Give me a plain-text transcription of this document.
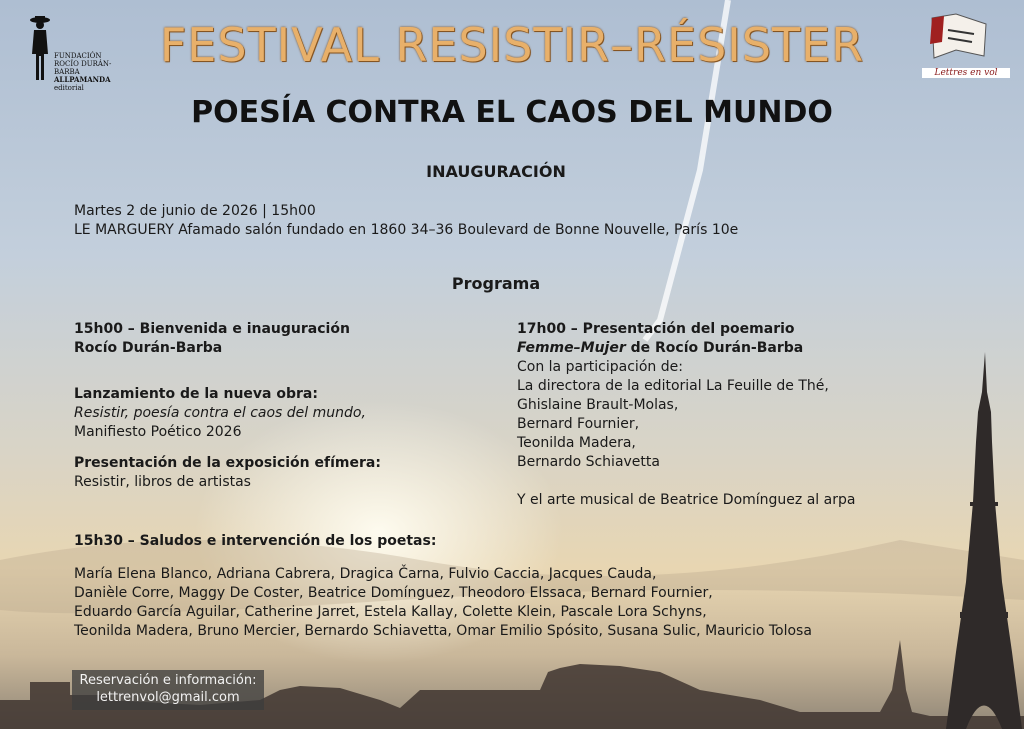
FUNDACIÓN
ROCÍO DURÁN-BARBA
ALLPAMANDA
editorial
Lettres en vol
FESTIVAL RESISTIR–RÉSISTER
POESÍA CONTRA EL CAOS DEL MUNDO
INAUGURACIÓN
Martes 2 de junio de 2026 | 15h00
LE MARGUERY Afamado salón fundado en 1860 34–36 Boulevard de Bonne Nouvelle, París 10e
Programa
15h00 – Bienvenida e inauguración
Rocío Durán-Barba
Lanzamiento de la nueva obra:
Resistir, poesía contra el caos del mundo,
Manifiesto Poético 2026
Presentación de la exposición efímera:
Resistir, libros de artistas
17h00 – Presentación del poemario
Femme–Mujer de Rocío Durán-Barba
Con la participación de:
La directora de la editorial La Feuille de Thé,
Ghislaine Brault-Molas,
Bernard Fournier,
Teonilda Madera,
Bernardo Schiavetta
Y el arte musical de Beatrice Domínguez al arpa
15h30 – Saludos e intervención de los poetas:
María Elena Blanco, Adriana Cabrera, Dragica Čarna, Fulvio Caccia, Jacques Cauda,
Danièle Corre, Maggy De Coster, Beatrice Domínguez, Theodoro Elssaca, Bernard Fournier,
Eduardo García Aguilar, Catherine Jarret, Estela Kallay, Colette Klein, Pascale Lora Schyns,
Teonilda Madera, Bruno Mercier, Bernardo Schiavetta, Omar Emilio Spósito, Susana Sulic, Mauricio Tolosa
Reservación e información:
lettrenvol@gmail.com
